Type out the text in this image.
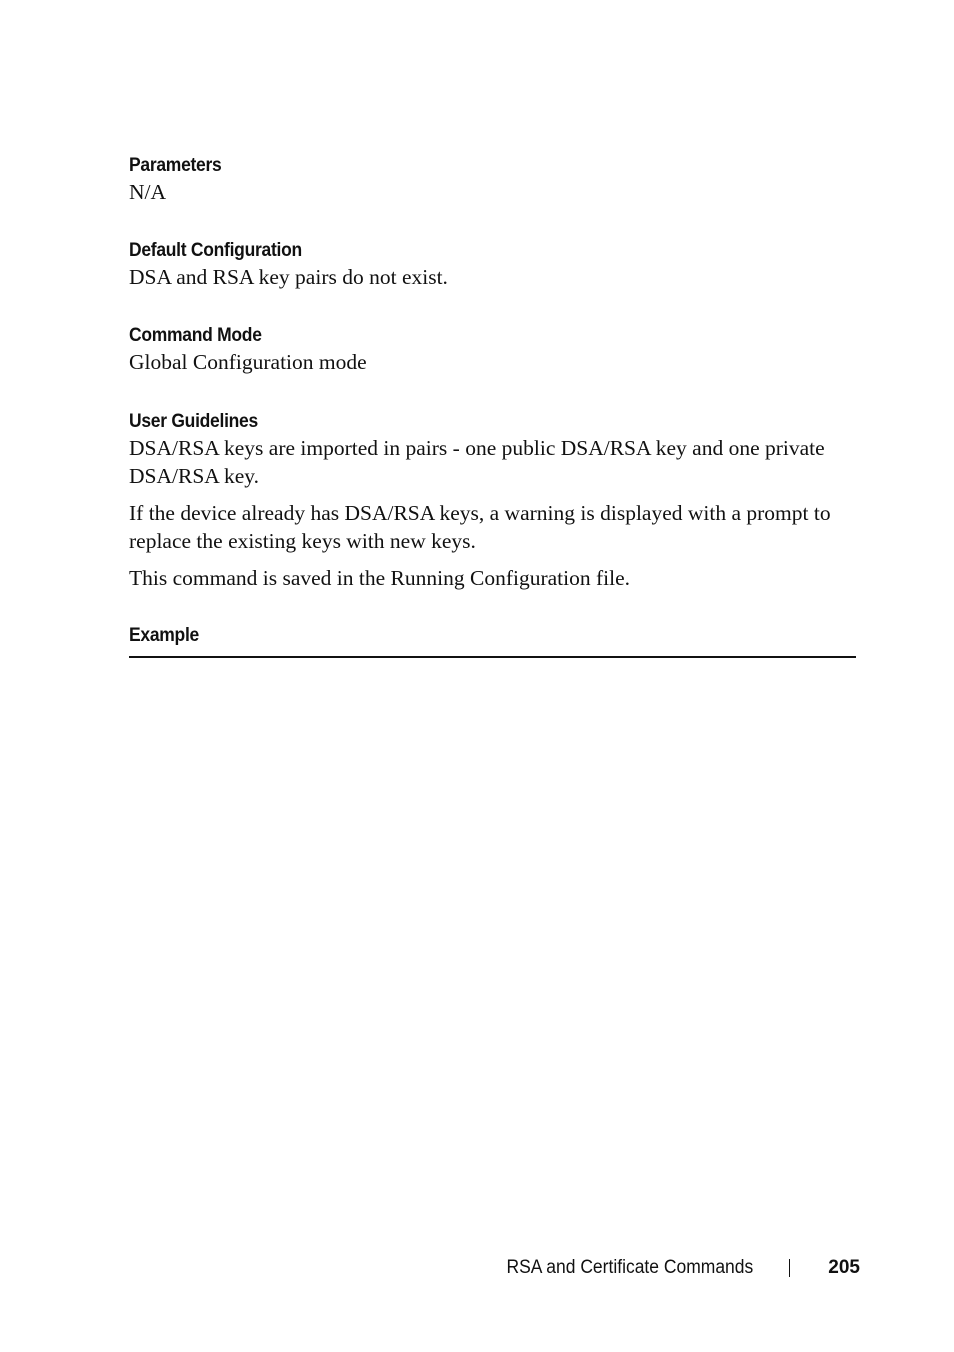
Parameters

N/A

Default Configuration

DSA and RSA key pairs do not exist.

Command Mode

Global Configuration mode

User Guidelines

DSA/RSA keys are imported in pairs - one public DSA/RSA key and one private DSA/RSA key.

If the device already has DSA/RSA keys, a warning is displayed with a prompt to replace the existing keys with new keys.

This command is saved in the Running Configuration file.

Example
RSA and Certificate Commands	205
